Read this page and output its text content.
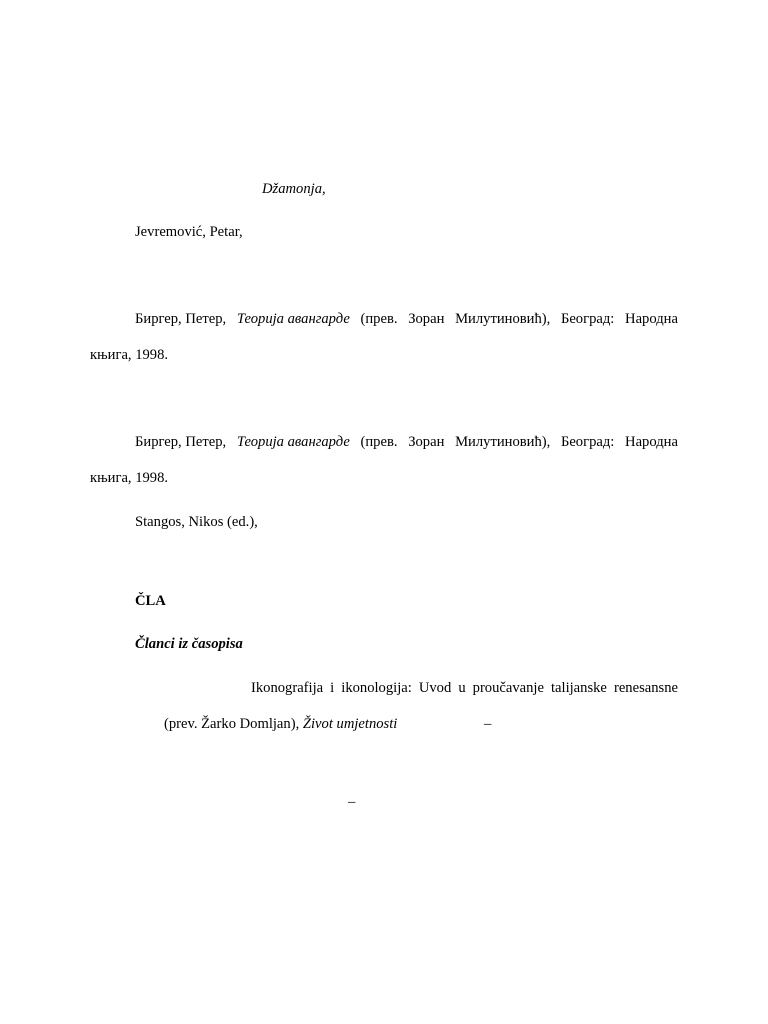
Džamonja,
Jevremović, Petar,
Биргер, Петер, Теорија авангарде (прев. Зоран Милутиновић), Београд: Народна
књига, 1998.
Биргер, Петер, Теорија авангарде (прев. Зоран Милутиновић), Београд: Народна
књига, 1998.
Stangos, Nikos (ed.),
ČLA
Članci iz časopisa
Ikonografija i ikonologija: Uvod u proučavanje talijanske renesansne
(prev. Žarko Domljan), Život umjetnosti	–
–
